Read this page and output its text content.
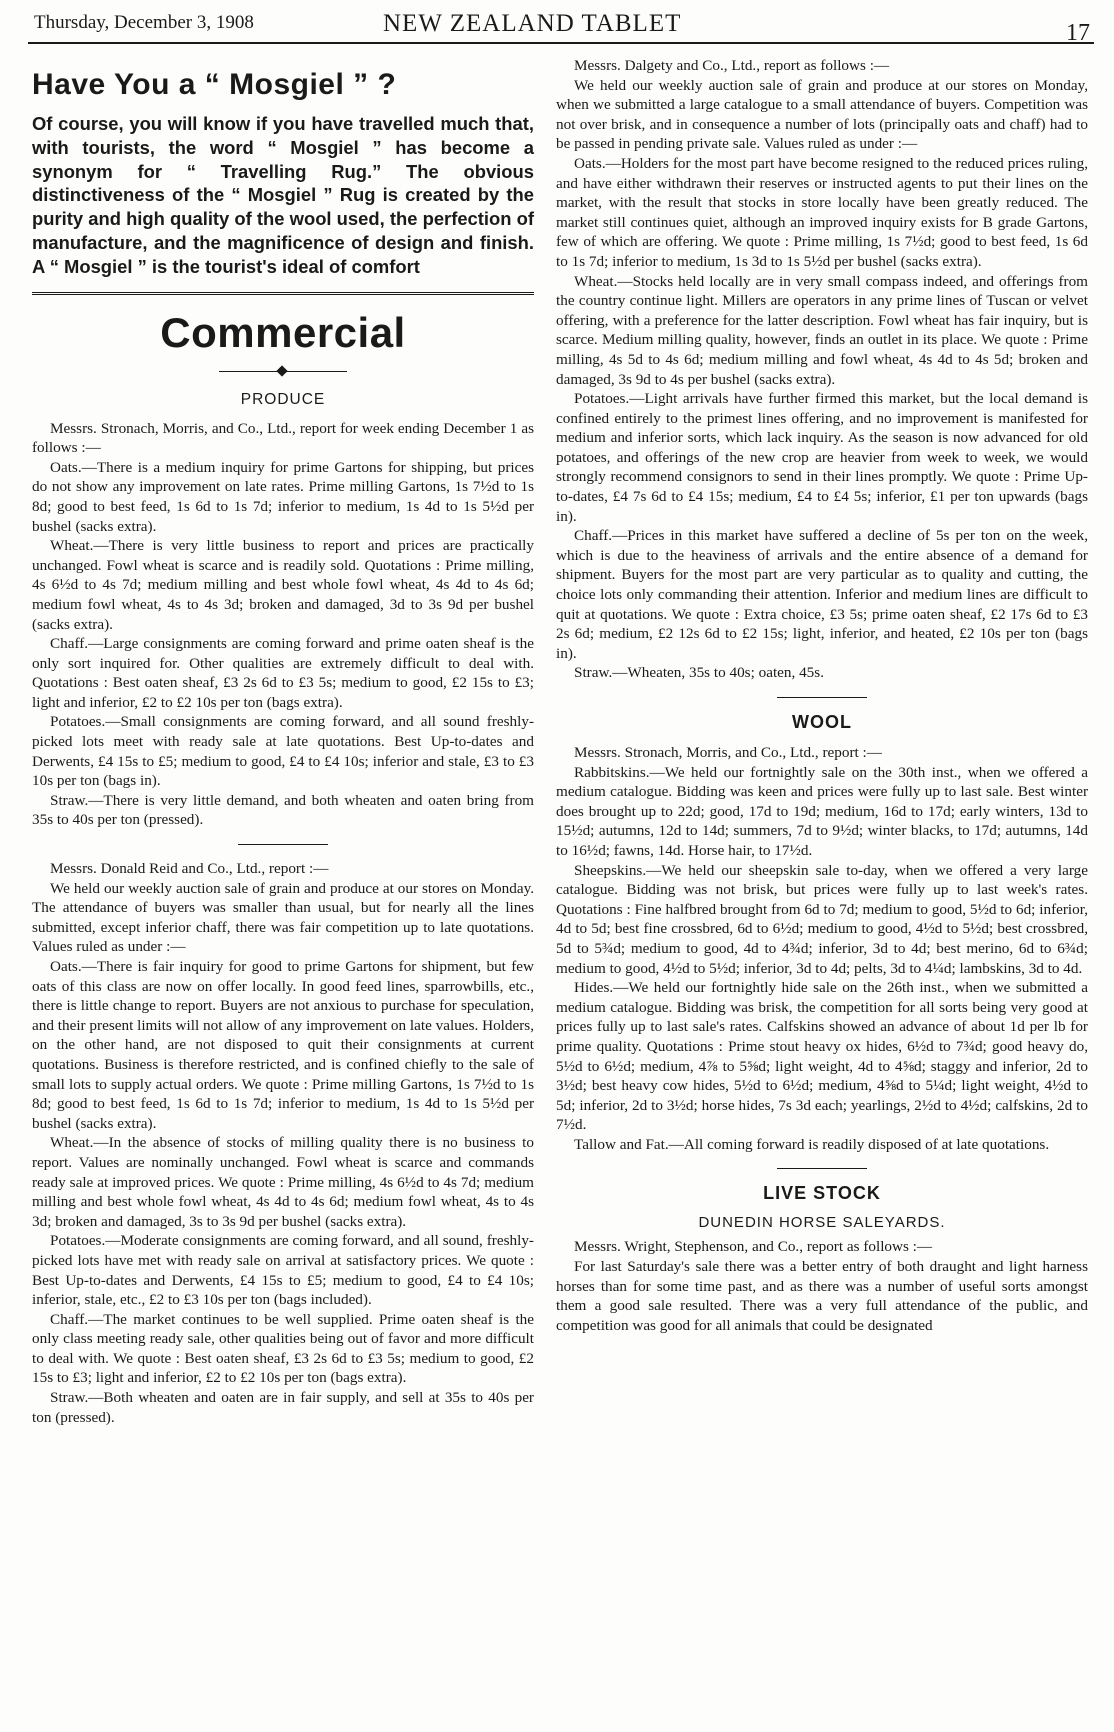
Thursday, December 3, 1908	NEW ZEALAND TABLET	17
Have You a “ Mosgiel ” ?
Of course, you will know if you have travelled much that, with tourists, the word “ Mosgiel ” has become a synonym for “ Travelling Rug.” The obvious distinctiveness of the “ Mosgiel ” Rug is created by the purity and high quality of the wool used, the perfection of manufacture, and the magnificence of design and finish. A “ Mosgiel ” is the tourist's ideal of comfort
Commercial
PRODUCE

Messrs. Stronach, Morris, and Co., Ltd., report for week ending December 1 as follows :—

Oats.—There is a medium inquiry for prime Gartons for shipping, but prices do not show any improvement on late rates. Prime milling Gartons, 1s 7½d to 1s 8d; good to best feed, 1s 6d to 1s 7d; inferior to medium, 1s 4d to 1s 5½d per bushel (sacks extra).

Wheat.—There is very little business to report and prices are practically unchanged. Fowl wheat is scarce and is readily sold. Quotations : Prime milling, 4s 6½d to 4s 7d; medium milling and best whole fowl wheat, 4s 4d to 4s 6d; medium fowl wheat, 4s to 4s 3d; broken and damaged, 3d to 3s 9d per bushel (sacks extra).

Chaff.—Large consignments are coming forward and prime oaten sheaf is the only sort inquired for. Other qualities are extremely difficult to deal with. Quotations : Best oaten sheaf, £3 2s 6d to £3 5s; medium to good, £2 15s to £3; light and inferior, £2 to £2 10s per ton (bags extra).

Potatoes.—Small consignments are coming forward, and all sound freshly-picked lots meet with ready sale at late quotations. Best Up-to-dates and Derwents, £4 15s to £5; medium to good, £4 to £4 10s; inferior and stale, £3 to £3 10s per ton (bags in).

Straw.—There is very little demand, and both wheaten and oaten bring from 35s to 40s per ton (pressed).

Messrs. Donald Reid and Co., Ltd., report :—

We held our weekly auction sale of grain and produce at our stores on Monday. The attendance of buyers was smaller than usual, but for nearly all the lines submitted, except inferior chaff, there was fair competition up to late quotations. Values ruled as under :—

Oats.—There is fair inquiry for good to prime Gartons for shipment, but few oats of this class are now on offer locally. In good feed lines, sparrowbills, etc., there is little change to report. Buyers are not anxious to purchase for speculation, and their present limits will not allow of any improvement on late values. Holders, on the other hand, are not disposed to quit their consignments at current quotations. Business is therefore restricted, and is confined chiefly to the sale of small lots to supply actual orders. We quote : Prime milling Gartons, 1s 7½d to 1s 8d; good to best feed, 1s 6d to 1s 7d; inferior to medium, 1s 4d to 1s 5½d per bushel (sacks extra).

Wheat.—In the absence of stocks of milling quality there is no business to report. Values are nominally unchanged. Fowl wheat is scarce and commands ready sale at improved prices. We quote : Prime milling, 4s 6½d to 4s 7d; medium milling and best whole fowl wheat, 4s 4d to 4s 6d; medium fowl wheat, 4s to 4s 3d; broken and damaged, 3s to 3s 9d per bushel (sacks extra).

Potatoes.—Moderate consignments are coming forward, and all sound, freshly-picked lots have met with ready sale on arrival at satisfactory prices. We quote : Best Up-to-dates and Derwents, £4 15s to £5; medium to good, £4 to £4 10s; inferior, stale, etc., £2 to £3 10s per ton (bags included).

Chaff.—The market continues to be well supplied. Prime oaten sheaf is the only class meeting ready sale, other qualities being out of favor and more difficult to deal with. We quote : Best oaten sheaf, £3 2s 6d to £3 5s; medium to good, £2 15s to £3; light and inferior, £2 to £2 10s per ton (bags extra).

Straw.—Both wheaten and oaten are in fair supply, and sell at 35s to 40s per ton (pressed).

Messrs. Dalgety and Co., Ltd., report as follows :—

We held our weekly auction sale of grain and produce at our stores on Monday, when we submitted a large catalogue to a small attendance of buyers. Competition was not over brisk, and in consequence a number of lots (principally oats and chaff) had to be passed in pending private sale. Values ruled as under :—

Oats.—Holders for the most part have become resigned to the reduced prices ruling, and have either withdrawn their reserves or instructed agents to put their lines on the market, with the result that stocks in store locally have been greatly reduced. The market still continues quiet, although an improved inquiry exists for B grade Gartons, few of which are offering. We quote : Prime milling, 1s 7½d; good to best feed, 1s 6d to 1s 7d; inferior to medium, 1s 3d to 1s 5½d per bushel (sacks extra).

Wheat.—Stocks held locally are in very small compass indeed, and offerings from the country continue light. Millers are operators in any prime lines of Tuscan or velvet offering, with a preference for the latter description. Fowl wheat has fair inquiry, but is scarce. Medium milling quality, however, finds an outlet in its place. We quote : Prime milling, 4s 5d to 4s 6d; medium milling and fowl wheat, 4s 4d to 4s 5d; broken and damaged, 3s 9d to 4s per bushel (sacks extra).

Potatoes.—Light arrivals have further firmed this market, but the local demand is confined entirely to the primest lines offering, and no improvement is manifested for medium and inferior sorts, which lack inquiry. As the season is now advanced for old potatoes, and offerings of the new crop are heavier from week to week, we would strongly recommend consignors to send in their lines promptly. We quote : Prime Up-to-dates, £4 7s 6d to £4 15s; medium, £4 to £4 5s; inferior, £1 per ton upwards (bags in).

Chaff.—Prices in this market have suffered a decline of 5s per ton on the week, which is due to the heaviness of arrivals and the entire absence of a demand for shipment. Buyers for the most part are very particular as to quality and cutting, the choice lots only commanding their attention. Inferior and medium lines are difficult to quit at quotations. We quote : Extra choice, £3 5s; prime oaten sheaf, £2 17s 6d to £3 2s 6d; medium, £2 12s 6d to £2 15s; light, inferior, and heated, £2 10s per ton (bags in).

Straw.—Wheaten, 35s to 40s; oaten, 45s.

WOOL

Messrs. Stronach, Morris, and Co., Ltd., report :—

Rabbitskins.—We held our fortnightly sale on the 30th inst., when we offered a medium catalogue. Bidding was keen and prices were fully up to last sale. Best winter does brought up to 22d; good, 17d to 19d; medium, 16d to 17d; early winters, 13d to 15½d; autumns, 12d to 14d; summers, 7d to 9½d; winter blacks, to 17d; autumns, 14d to 16½d; fawns, 14d. Horse hair, to 17½d.

Sheepskins.—We held our sheepskin sale to-day, when we offered a very large catalogue. Bidding was not brisk, but prices were fully up to last week's rates. Quotations : Fine halfbred brought from 6d to 7d; medium to good, 5½d to 6d; inferior, 4d to 5d; best fine crossbred, 6d to 6½d; medium to good, 4½d to 5½d; best crossbred, 5d to 5¾d; medium to good, 4d to 4¾d; inferior, 3d to 4d; best merino, 6d to 6¾d; medium to good, 4½d to 5½d; inferior, 3d to 4d; pelts, 3d to 4¼d; lambskins, 3d to 4d.

Hides.—We held our fortnightly hide sale on the 26th inst., when we submitted a medium catalogue. Bidding was brisk, the competition for all sorts being very good at prices fully up to last sale's rates. Calfskins showed an advance of about 1d per lb for prime quality. Quotations : Prime stout heavy ox hides, 6½d to 7¾d; good heavy do, 5½d to 6½d; medium, 4⅞ to 5⅝d; light weight, 4d to 4⅝d; staggy and inferior, 2d to 3½d; best heavy cow hides, 5½d to 6½d; medium, 4⅝d to 5¼d; light weight, 4½d to 5d; inferior, 2d to 3½d; horse hides, 7s 3d each; yearlings, 2½d to 4½d; calfskins, 2d to 7½d.

Tallow and Fat.—All coming forward is readily disposed of at late quotations.

LIVE STOCK
DUNEDIN HORSE SALEYARDS.

Messrs. Wright, Stephenson, and Co., report as follows :—

For last Saturday's sale there was a better entry of both draught and light harness horses than for some time past, and as there was a number of useful sorts amongst them a good sale resulted. There was a very full attendance of the public, and competition was good for all animals that could be designated
